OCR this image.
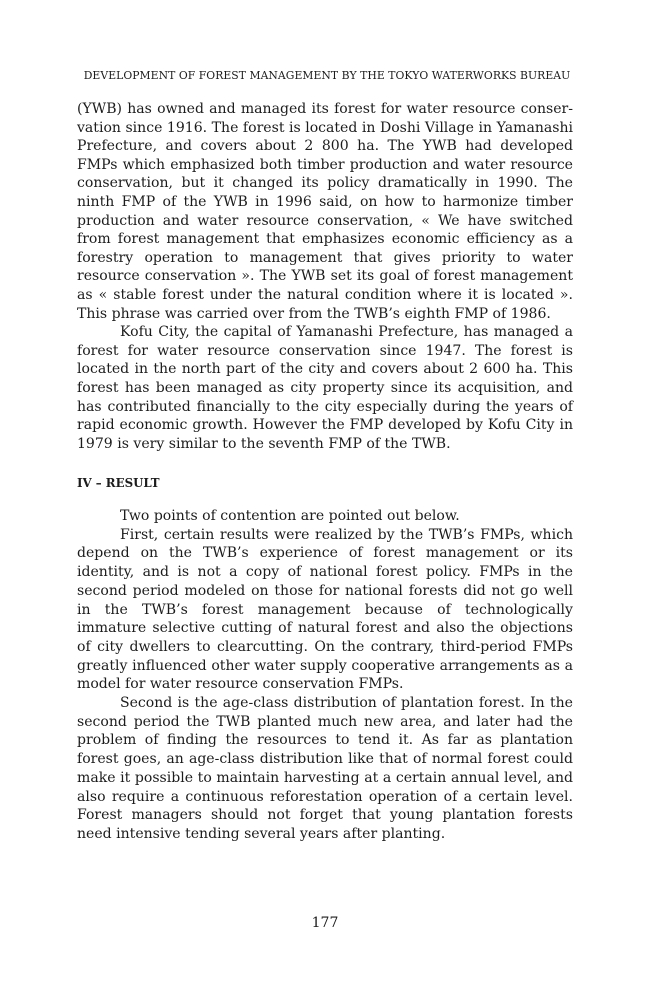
DEVELOPMENT OF FOREST MANAGEMENT BY THE TOKYO WATERWORKS BUREAU

(YWB) has owned and managed its forest for water resource conservation since 1916. The forest is located in Doshi Village in Yamanashi Prefecture, and covers about 2 800 ha. The YWB had developed FMPs which emphasized both timber production and water resource conservation, but it changed its policy dramatically in 1990. The ninth FMP of the YWB in 1996 said, on how to harmonize timber production and water resource conservation, « We have switched from forest management that emphasizes economic efficiency as a forestry operation to management that gives priority to water resource conservation ». The YWB set its goal of forest management as « stable forest under the natural condition where it is located ». This phrase was carried over from the TWB’s eighth FMP of 1986.

Kofu City, the capital of Yamanashi Prefecture, has managed a forest for water resource conservation since 1947. The forest is located in the north part of the city and covers about 2 600 ha. This forest has been managed as city property since its acquisition, and has contributed financially to the city especially during the years of rapid economic growth. However the FMP developed by Kofu City in 1979 is very similar to the seventh FMP of the TWB.

IV – RESULT

Two points of contention are pointed out below.

First, certain results were realized by the TWB’s FMPs, which depend on the TWB’s experience of forest management or its identity, and is not a copy of national forest policy. FMPs in the second period modeled on those for national forests did not go well in the TWB’s forest management because of technologically immature selective cutting of natural forest and also the objections of city dwellers to clearcutting. On the contrary, third-period FMPs greatly influenced other water supply cooperative arrangements as a model for water resource conservation FMPs.

Second is the age-class distribution of plantation forest. In the second period the TWB planted much new area, and later had the problem of finding the resources to tend it. As far as plantation forest goes, an age-class distribution like that of normal forest could make it possible to maintain harvesting at a certain annual level, and also require a continuous reforestation operation of a certain level. Forest managers should not forget that young plantation forests need intensive tending several years after planting.

177
